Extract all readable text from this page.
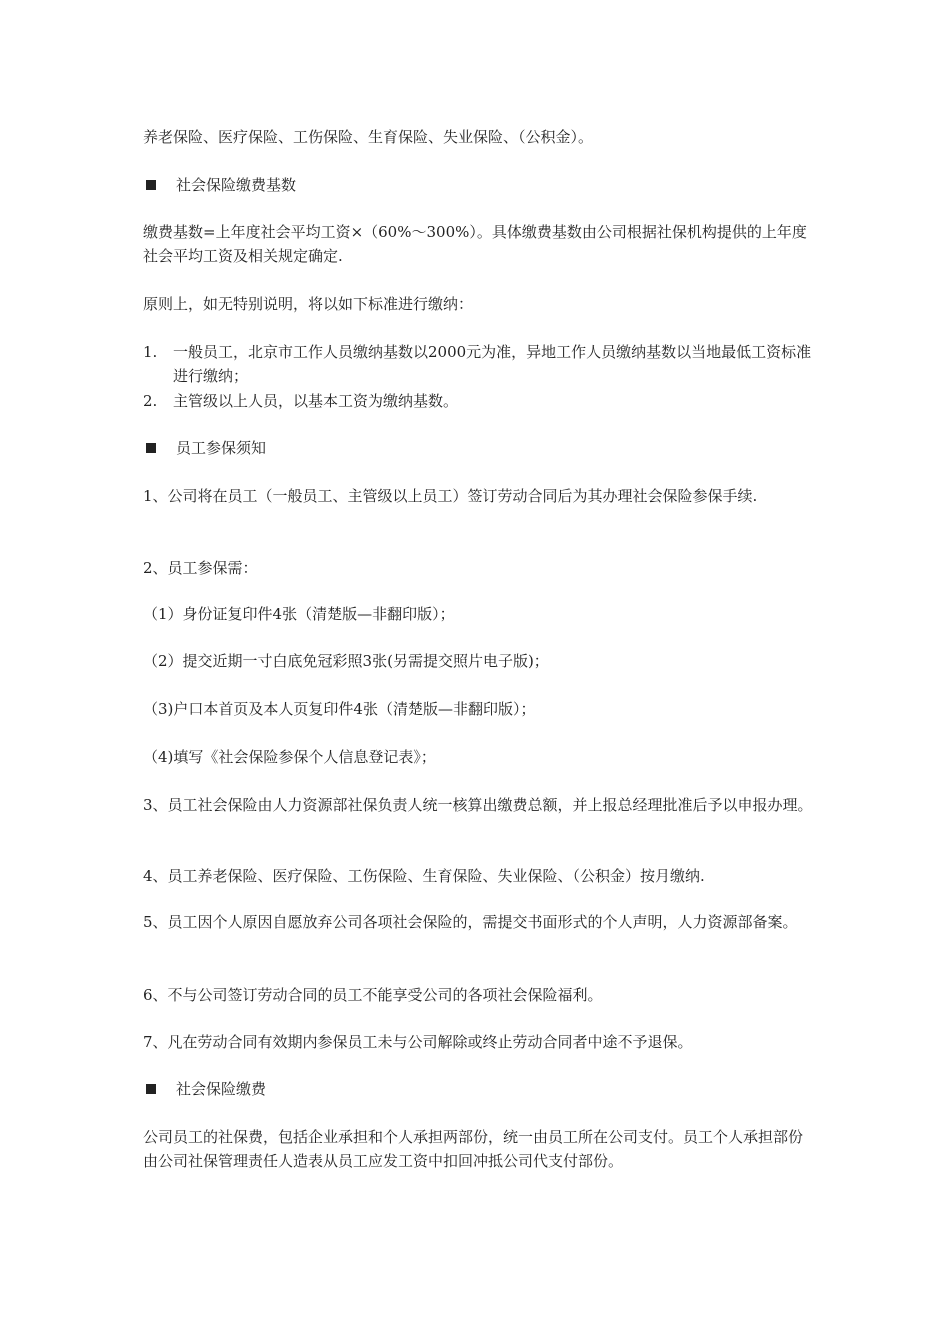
养老保险、医疗保险、工伤保险、生育保险、失业保险、（公积金）。

社会保险缴费基数

缴费基数=上年度社会平均工资×（60%～300%）。具体缴费基数由公司根据社保机构提供的上年度社会平均工资及相关规定确定.

原则上，如无特别说明，将以如下标准进行缴纳：

1.	一般员工，北京市工作人员缴纳基数以2000元为准，异地工作人员缴纳基数以当地最低工资标准进行缴纳；
2.	主管级以上人员，以基本工资为缴纳基数。
员工参保须知

1、公司将在员工（一般员工、主管级以上员工）签订劳动合同后为其办理社会保险参保手续.

2、员工参保需：

（1）身份证复印件4张（清楚版—非翻印版）；

（2）提交近期一寸白底免冠彩照3张(另需提交照片电子版)；

（3)户口本首页及本人页复印件4张（清楚版—非翻印版）；

（4)填写《社会保险参保个人信息登记表》；

3、员工社会保险由人力资源部社保负责人统一核算出缴费总额，并上报总经理批准后予以申报办理。

4、员工养老保险、医疗保险、工伤保险、生育保险、失业保险、（公积金）按月缴纳.

5、员工因个人原因自愿放弃公司各项社会保险的，需提交书面形式的个人声明，人力资源部备案。

6、不与公司签订劳动合同的员工不能享受公司的各项社会保险福利。

7、凡在劳动合同有效期内参保员工未与公司解除或终止劳动合同者中途不予退保。

社会保险缴费

公司员工的社保费，包括企业承担和个人承担两部份，统一由员工所在公司支付。员工个人承担部份由公司社保管理责任人造表从员工应发工资中扣回冲抵公司代支付部份。
